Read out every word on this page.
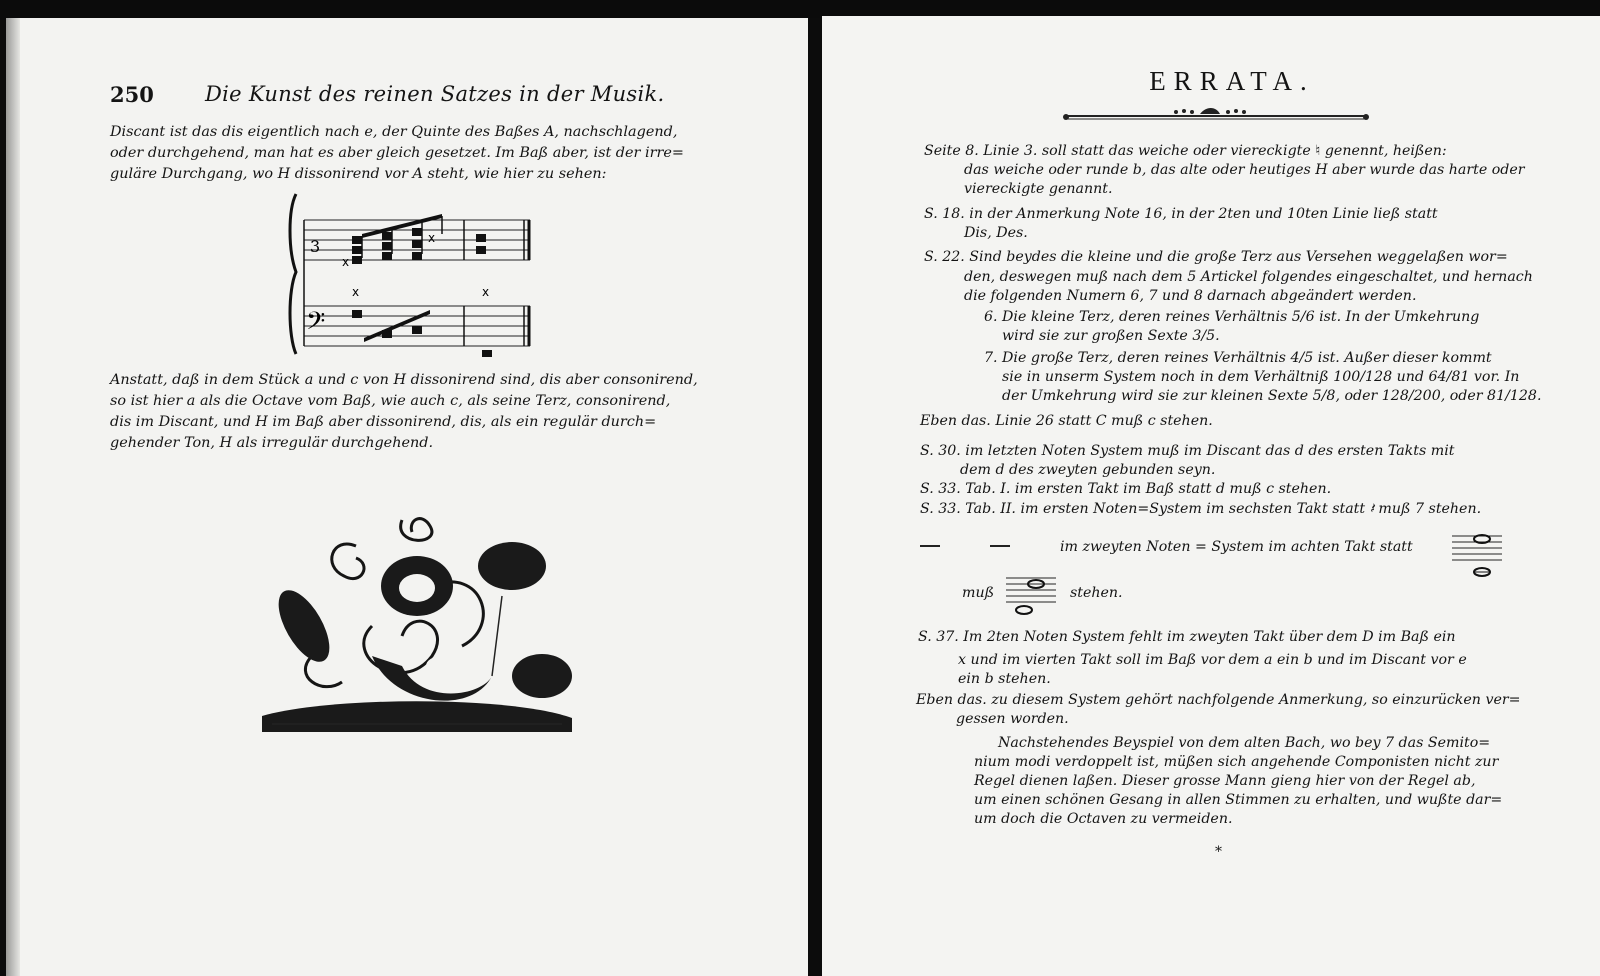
250 Die Kunst des reinen Satzes in der Musik.
Discant ist das dis eigentlich nach e, der Quinte des Baßes A, nachschlagend,
oder durchgehend, man hat es aber gleich gesetzet. Im Baß aber, ist der irre=
guläre Durchgang, wo H dissonirend vor A steht, wie hier zu sehen:
3
𝄢
x
x
x	x
Anstatt, daß in dem Stück a und c von H dissonirend sind, dis aber consonirend,
so ist hier a als die Octave vom Baß, wie auch c, als seine Terz, consonirend,
dis im Discant, und H im Baß aber dissonirend, dis, als ein regulär durch=
gehender Ton, H als irregulär durchgehend.
ERRATA.
Seite 8. Linie 3. soll statt das weiche oder viereckigte ♮ genennt, heißen:
das weiche oder runde b, das alte oder heutiges H aber wurde das harte oder
viereckigte genannt.
S. 18. in der Anmerkung Note 16, in der 2ten und 10ten Linie ließ statt
Dis, Des.
S. 22. Sind beydes die kleine und die große Terz aus Versehen weggelaßen wor=
den, deswegen muß nach dem 5 Artickel folgendes eingeschaltet, und hernach
die folgenden Numern 6, 7 und 8 darnach abgeändert werden.
6. Die kleine Terz, deren reines Verhältnis 5/6 ist. In der Umkehrung
wird sie zur großen Sexte 3/5.
7. Die große Terz, deren reines Verhältnis 4/5 ist. Außer dieser kommt
sie in unserm System noch in dem Verhältniß 100/128 und 64/81 vor. In
der Umkehrung wird sie zur kleinen Sexte 5/8, oder 128/200, oder 81/128.
Eben das. Linie 26 statt C muß c stehen.
S. 30. im letzten Noten System muß im Discant das d des ersten Takts mit
dem d des zweyten gebunden seyn.
S. 33. Tab. I. im ersten Takt im Baß statt d muß c stehen.
S. 33. Tab. II. im ersten Noten=System im sechsten Takt statt 𝄽 muß 7 stehen.
im zweyten Noten = System im achten Takt statt
muß	stehen.
S. 37. Im 2ten Noten System fehlt im zweyten Takt über dem D im Baß ein
x und im vierten Takt soll im Baß vor dem a ein b und im Discant vor e
ein b stehen.
Eben das. zu diesem System gehört nachfolgende Anmerkung, so einzurücken ver=
gessen worden.
Nachstehendes Beyspiel von dem alten Bach, wo bey 7 das Semito=
nium modi verdoppelt ist, müßen sich angehende Componisten nicht zur
Regel dienen laßen. Dieser grosse Mann gieng hier von der Regel ab,
um einen schönen Gesang in allen Stimmen zu erhalten, und wußte dar=
um doch die Octaven zu vermeiden.
*
